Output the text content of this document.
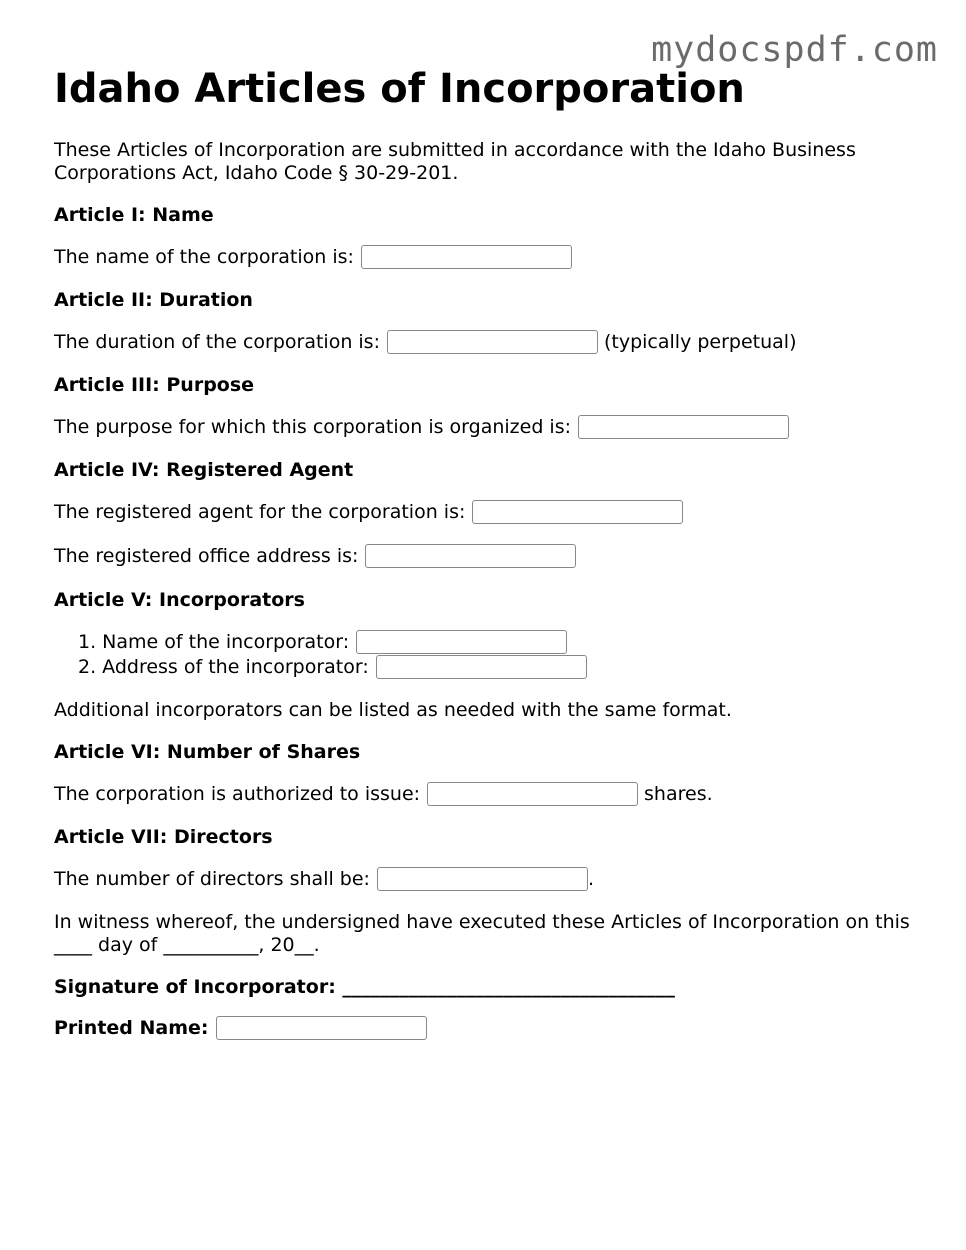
mydocspdf.com
Idaho Articles of Incorporation

These Articles of Incorporation are submitted in accordance with the Idaho Business Corporations Act, Idaho Code § 30-29-201.

Article I: Name

The name of the corporation is:

Article II: Duration

The duration of the corporation is:	(typically perpetual)

Article III: Purpose

The purpose for which this corporation is organized is:

Article IV: Registered Agent

The registered agent for the corporation is:
The registered office address is:

Article V: Incorporators

1. Name of the incorporator:
2. Address of the incorporator:

Additional incorporators can be listed as needed with the same format.

Article VI: Number of Shares

The corporation is authorized to issue:	shares.

Article VII: Directors

The number of directors shall be:	.

In witness whereof, the undersigned have executed these Articles of Incorporation on this ____ day of __________, 20__.

Signature of Incorporator: ___________________________________

Printed Name:
